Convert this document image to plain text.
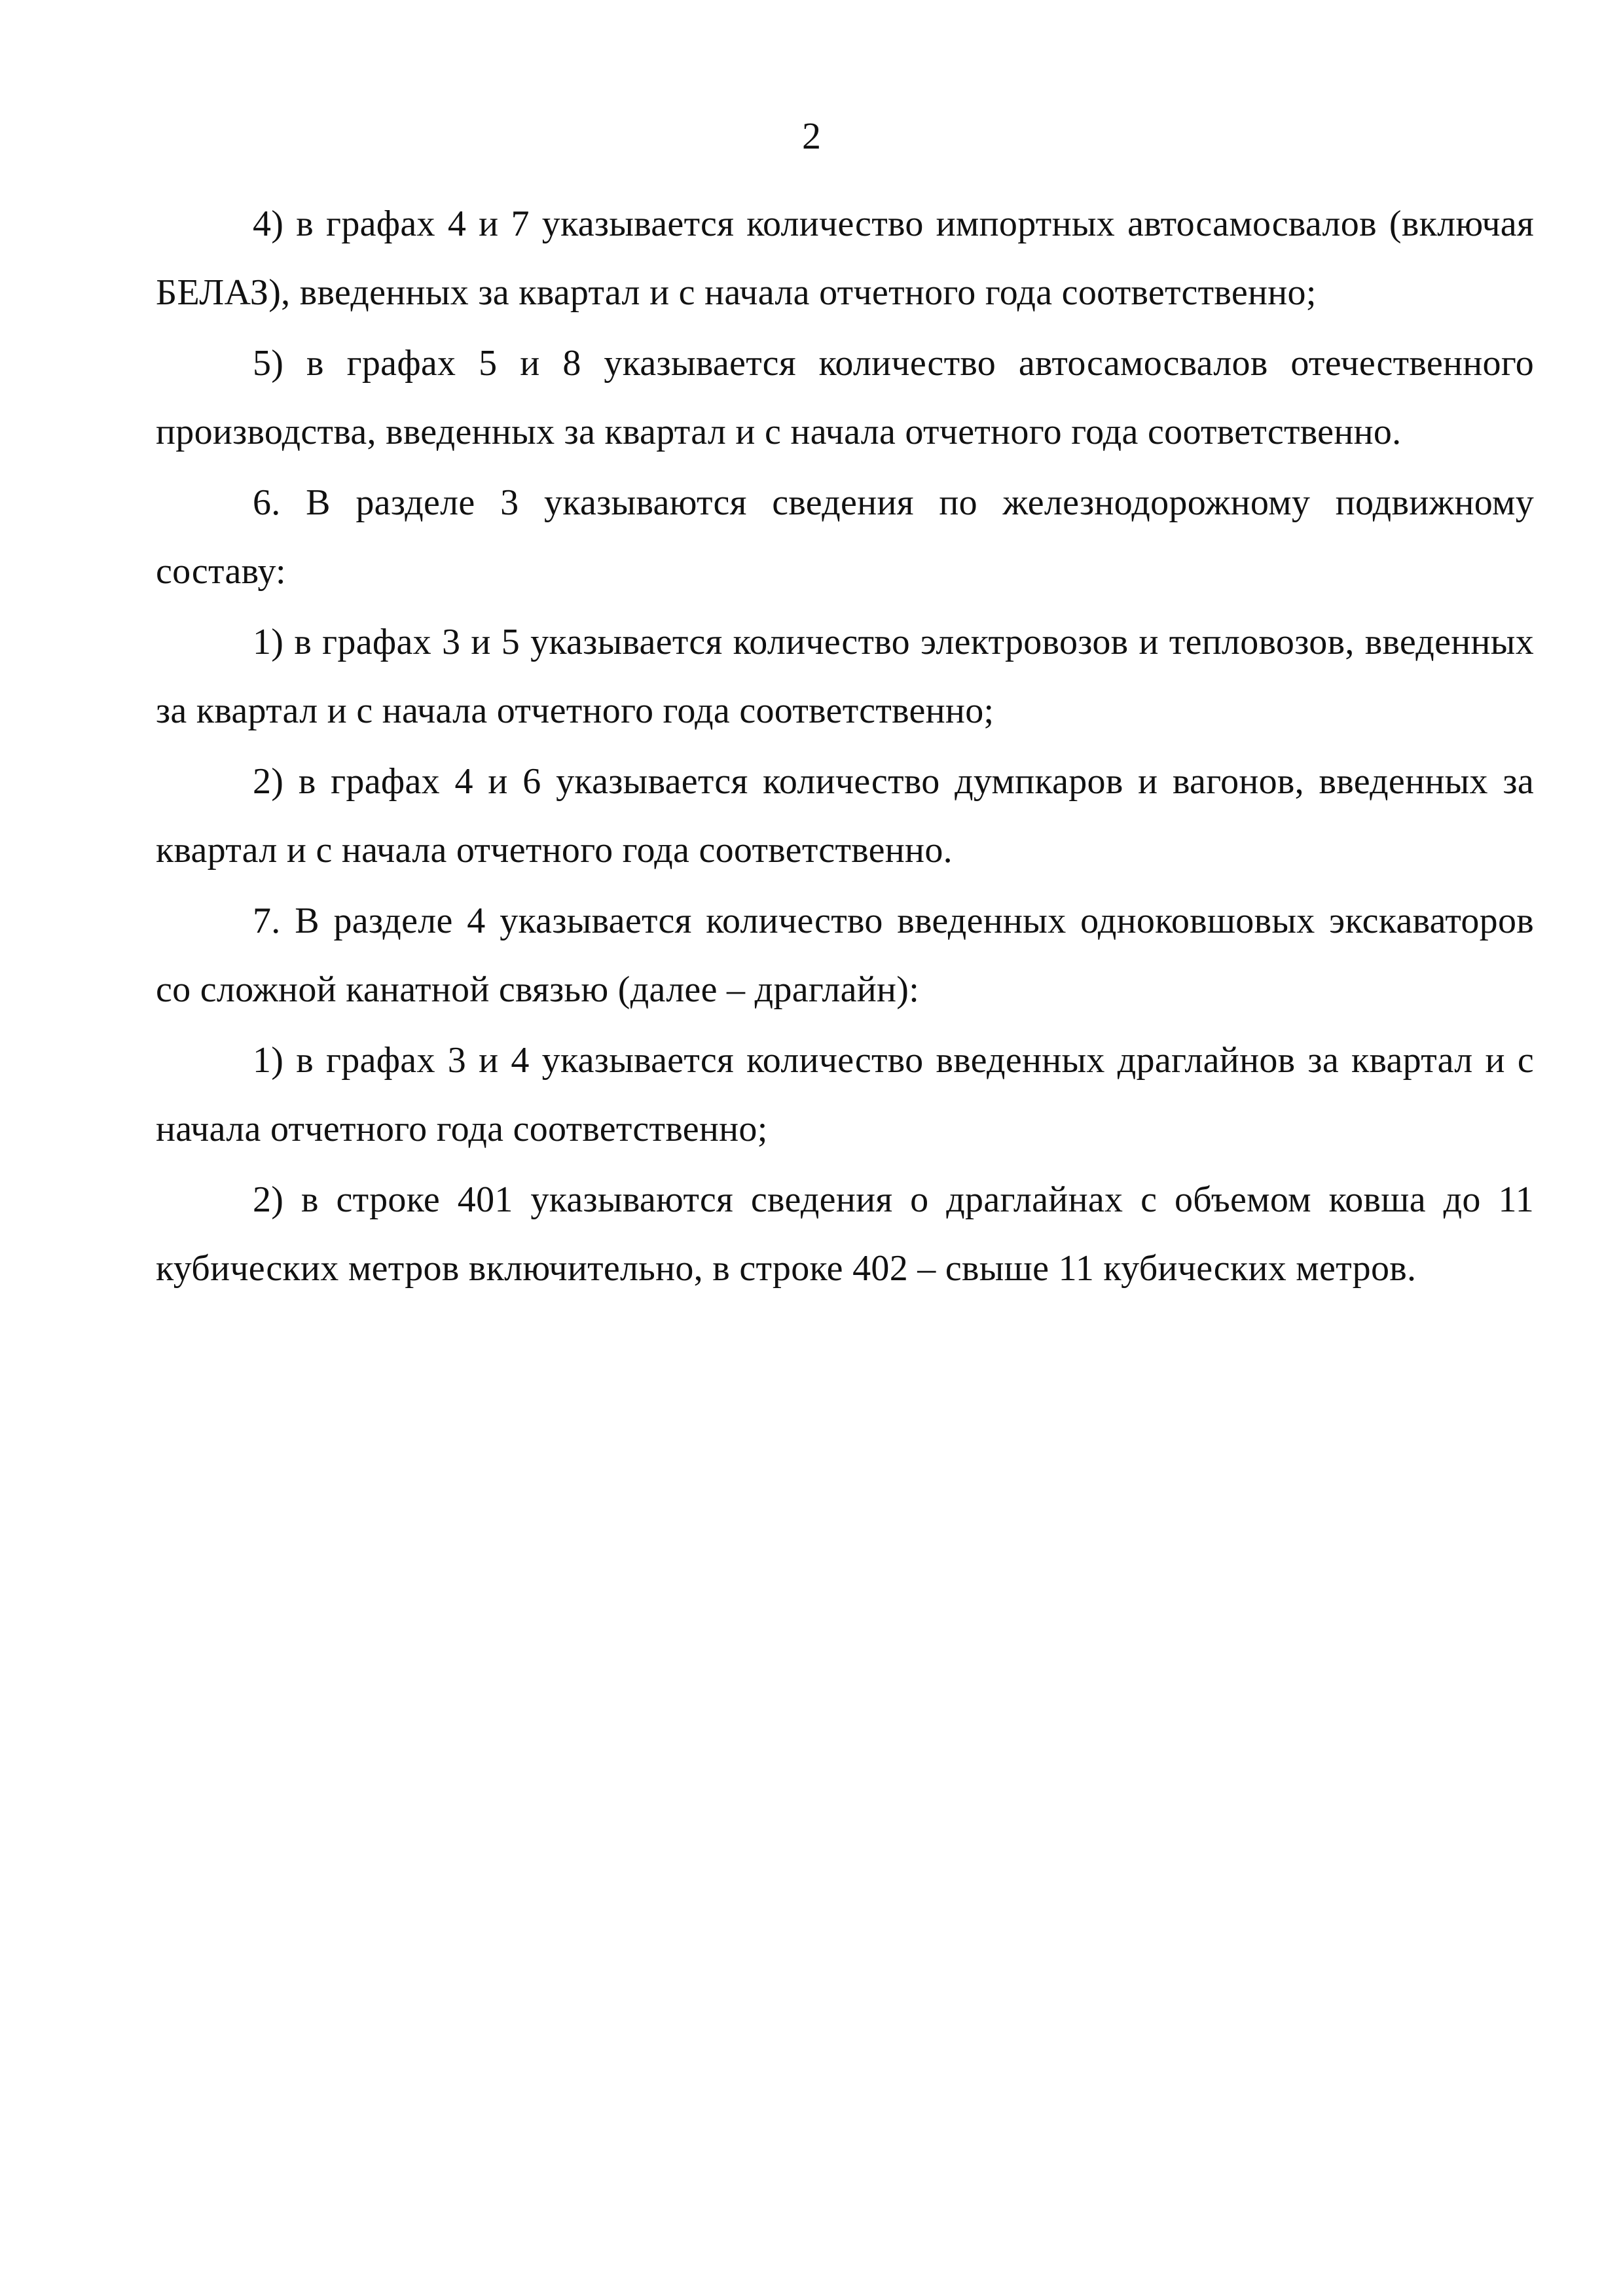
2

4) в графах 4 и 7 указывается количество импортных автосамосвалов (включая БЕЛАЗ), введенных за квартал и с начала отчетного года соответственно;

5) в графах 5 и 8 указывается количество автосамосвалов отечественного производства, введенных за квартал и с начала отчетного года соответственно.

6. В разделе 3 указываются сведения по железнодорожному подвижному составу:

1) в графах 3 и 5 указывается количество электровозов и тепловозов, введенных за квартал и с начала отчетного года соответственно;

2) в графах 4 и 6 указывается количество думпкаров и вагонов, введенных за квартал и с начала отчетного года соответственно.

7. В разделе 4 указывается количество введенных одноковшовых экскаваторов со сложной канатной связью (далее – драглайн):

1) в графах 3 и 4 указывается количество введенных драглайнов за квартал и с начала отчетного года соответственно;

2) в строке 401 указываются сведения о драглайнах с объемом ковша до 11 кубических метров включительно, в строке 402 – свыше 11 кубических метров.
